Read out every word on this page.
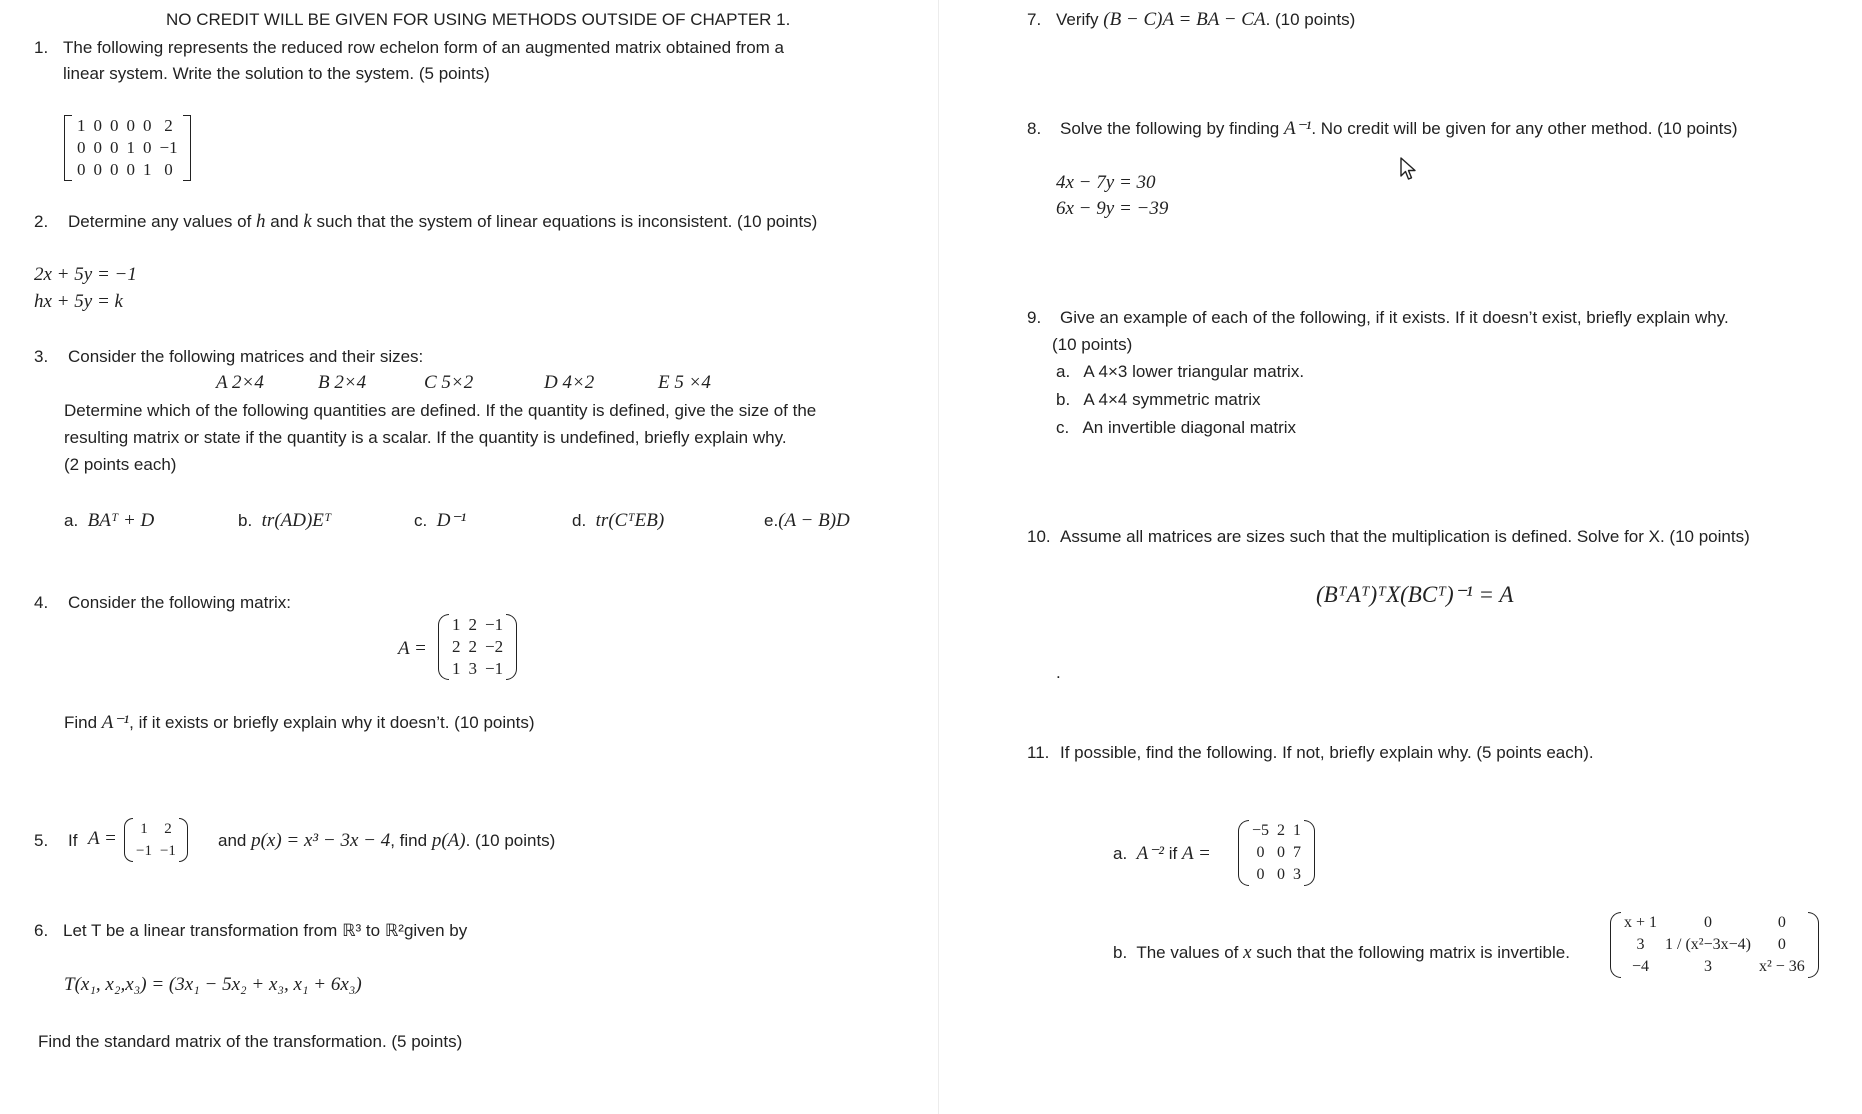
NO CREDIT WILL BE GIVEN FOR USING METHODS OUTSIDE OF CHAPTER 1.
1. The following represents the reduced row echelon form of an augmented matrix obtained from a
linear system. Write the solution to the system. (5 points)
1	0	0	0	0	2
0	0	0	1	0	−1
0	0	0	0	1	0
2. Determine any values of h and k such that the system of linear equations is inconsistent. (10 points)
2x + 5y = −1
hx + 5y = k
3. Consider the following matrices and their sizes:
A 2×4	B 2×4	C 5×2	D 4×2	E 5 ×4
Determine which of the following quantities are defined. If the quantity is defined, give the size of the
resulting matrix or state if the quantity is a scalar. If the quantity is undefined, briefly explain why.
(2 points each)
a. BAᵀ + D	b. tr(AD)Eᵀ	c. D⁻¹	d. tr(CᵀEB)	e.(A − B)D
4. Consider the following matrix:
A =
1	2	−1
2	2	−2
1	3	−1
Find A⁻¹, if it exists or briefly explain why it doesn’t. (10 points)
5. If A = 1	2
−1	−1
and p(x) = x³ − 3x − 4, find p(A). (10 points)
6. Let T be a linear transformation from ℝ³ to ℝ²given by
T(x₁, x₂,x₃) = (3x₁ − 5x₂ + x₃, x₁ + 6x₃)
Find the standard matrix of the transformation. (5 points)
7. Verify (B − C)A = BA − CA. (10 points)
8. Solve the following by finding A⁻¹. No credit will be given for any other method. (10 points)
4x − 7y = 30
6x − 9y = −39
9. Give an example of each of the following, if it exists. If it doesn’t exist, briefly explain why.
(10 points)
a. A 4×3 lower triangular matrix.
b. A 4×4 symmetric matrix
c. An invertible diagonal matrix
10. Assume all matrices are sizes such that the multiplication is defined. Solve for X. (10 points)
(BᵀAᵀ)ᵀX(BCᵀ)⁻¹ = A
.
11. If possible, find the following. If not, briefly explain why. (5 points each).
a. A⁻² if A =
−5	2	1
0	0	7
0	0	3
b. The values of x such that the following matrix is invertible.
x + 1	0	0
3	1 / (x²−3x−4)	0
−4	3	x² − 36
